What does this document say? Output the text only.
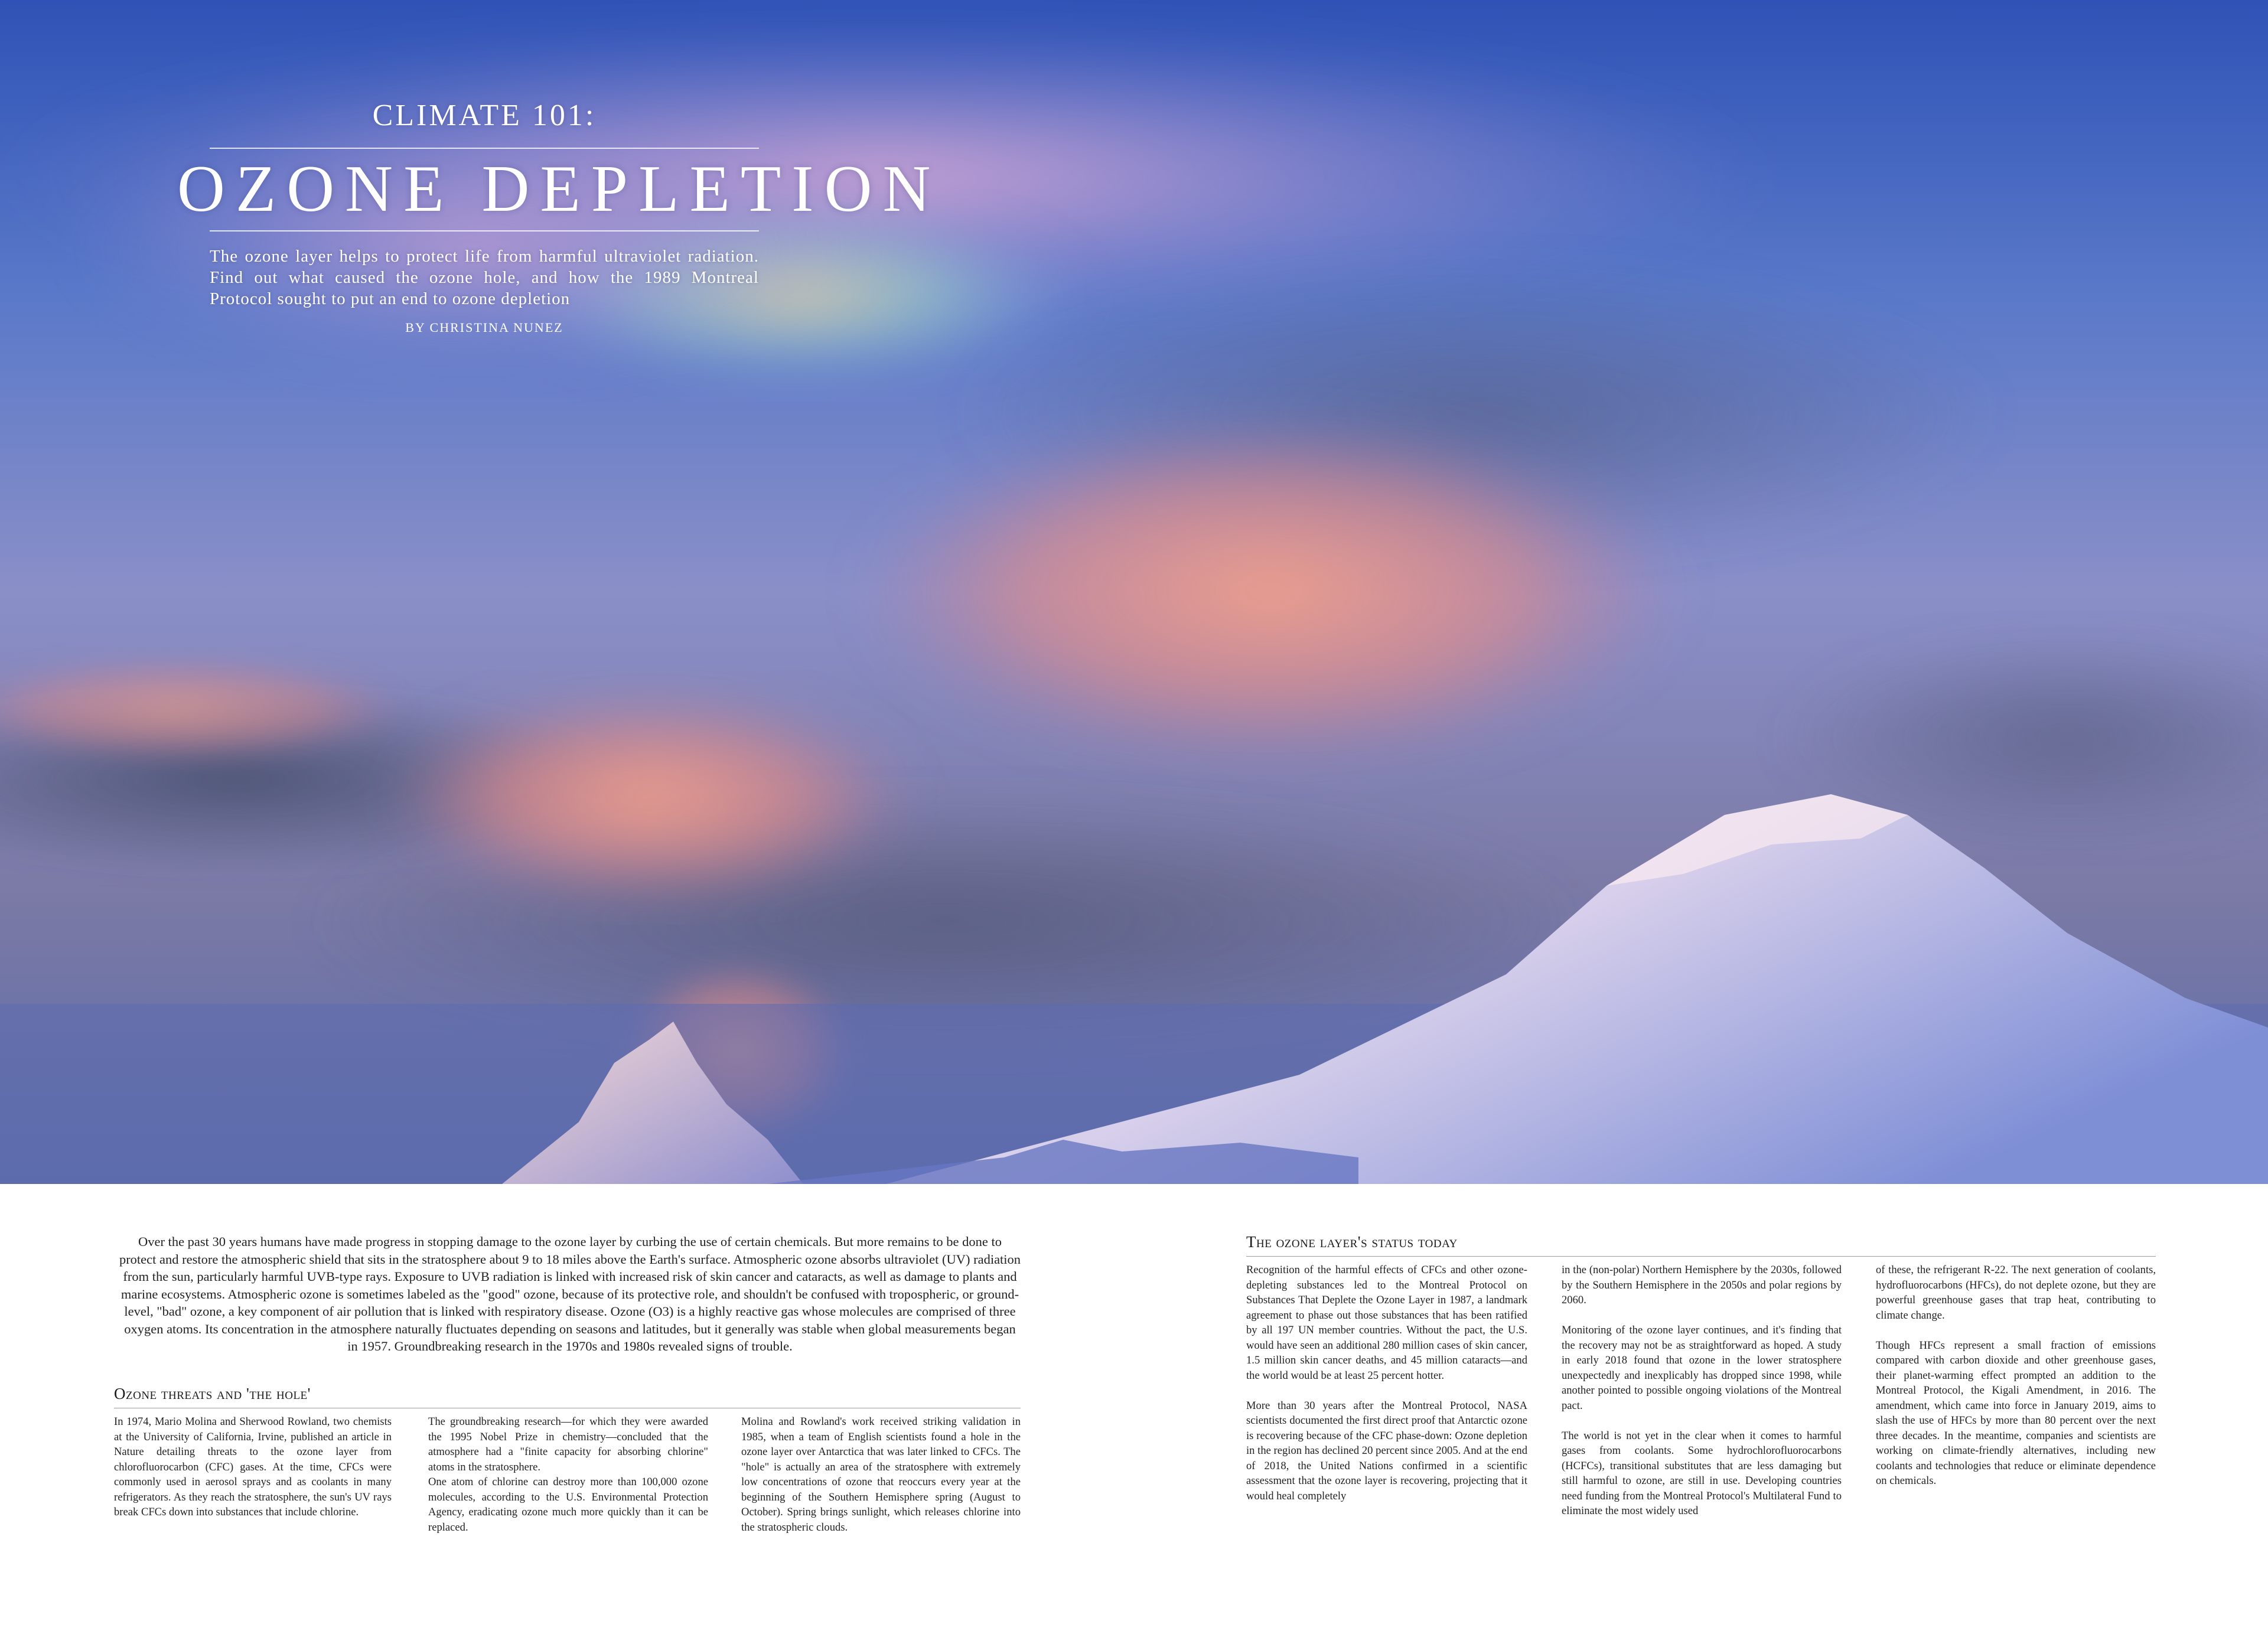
CLIMATE 101:
OZONE DEPLETION
The ozone layer helps to protect life from harmful ultraviolet radiation. Find out what caused the ozone hole, and how the 1989 Montreal Protocol sought to put an end to ozone depletion
BY CHRISTINA NUNEZ
Over the past 30 years humans have made progress in stopping damage to the ozone layer by curbing the use of certain chemicals. But more remains to be done to protect and restore the atmospheric shield that sits in the stratosphere about 9 to 18 miles above the Earth's surface. Atmospheric ozone absorbs ultraviolet (UV) radiation from the sun, particularly harmful UVB-type rays. Exposure to UVB radiation is linked with increased risk of skin cancer and cataracts, as well as damage to plants and marine ecosystems. Atmospheric ozone is sometimes labeled as the "good" ozone, because of its protective role, and shouldn't be confused with tropospheric, or ground-level, "bad" ozone, a key component of air pollution that is linked with respiratory disease. Ozone (O3) is a highly reactive gas whose molecules are comprised of three oxygen atoms. Its concentration in the atmosphere naturally fluctuates depending on seasons and latitudes, but it generally was stable when global measurements began in 1957. Groundbreaking research in the 1970s and 1980s revealed signs of trouble.
Ozone threats and 'the hole'

In 1974, Mario Molina and Sherwood Rowland, two chemists at the University of California, Irvine, published an article in Nature detailing threats to the ozone layer from chlorofluorocarbon (CFC) gases. At the time, CFCs were commonly used in aerosol sprays and as coolants in many refrigerators. As they reach the stratosphere, the sun's UV rays break CFCs down into substances that include chlorine.

The groundbreaking research—for which they were awarded the 1995 Nobel Prize in chemistry—concluded that the atmosphere had a "finite capacity for absorbing chlorine" atoms in the stratosphere.

One atom of chlorine can destroy more than 100,000 ozone molecules, according to the U.S. Environmental Protection Agency, eradicating ozone much more quickly than it can be replaced.

Molina and Rowland's work received striking validation in 1985, when a team of English scientists found a hole in the ozone layer over Antarctica that was later linked to CFCs. The "hole" is actually an area of the stratosphere with extremely low concentrations of ozone that reoccurs every year at the beginning of the Southern Hemisphere spring (August to October). Spring brings sunlight, which releases chlorine into the stratospheric clouds.

The ozone layer's status today

Recognition of the harmful effects of CFCs and other ozone-depleting substances led to the Montreal Protocol on Substances That Deplete the Ozone Layer in 1987, a landmark agreement to phase out those substances that has been ratified by all 197 UN member countries. Without the pact, the U.S. would have seen an additional 280 million cases of skin cancer, 1.5 million skin cancer deaths, and 45 million cataracts—and the world would be at least 25 percent hotter.

More than 30 years after the Montreal Protocol, NASA scientists documented the first direct proof that Antarctic ozone is recovering because of the CFC phase-down: Ozone depletion in the region has declined 20 percent since 2005. And at the end of 2018, the United Nations confirmed in a scientific assessment that the ozone layer is recovering, projecting that it would heal completely

in the (non-polar) Northern Hemisphere by the 2030s, followed by the Southern Hemisphere in the 2050s and polar regions by 2060.

Monitoring of the ozone layer continues, and it's finding that the recovery may not be as straightforward as hoped. A study in early 2018 found that ozone in the lower stratosphere unexpectedly and inexplicably has dropped since 1998, while another pointed to possible ongoing violations of the Montreal pact.

The world is not yet in the clear when it comes to harmful gases from coolants. Some hydrochlorofluorocarbons (HCFCs), transitional substitutes that are less damaging but still harmful to ozone, are still in use. Developing countries need funding from the Montreal Protocol's Multilateral Fund to eliminate the most widely used

of these, the refrigerant R-22. The next generation of coolants, hydrofluorocarbons (HFCs), do not deplete ozone, but they are powerful greenhouse gases that trap heat, contributing to climate change.

Though HFCs represent a small fraction of emissions compared with carbon dioxide and other greenhouse gases, their planet-warming effect prompted an addition to the Montreal Protocol, the Kigali Amendment, in 2016. The amendment, which came into force in January 2019, aims to slash the use of HFCs by more than 80 percent over the next three decades. In the meantime, companies and scientists are working on climate-friendly alternatives, including new coolants and technologies that reduce or eliminate dependence on chemicals.
